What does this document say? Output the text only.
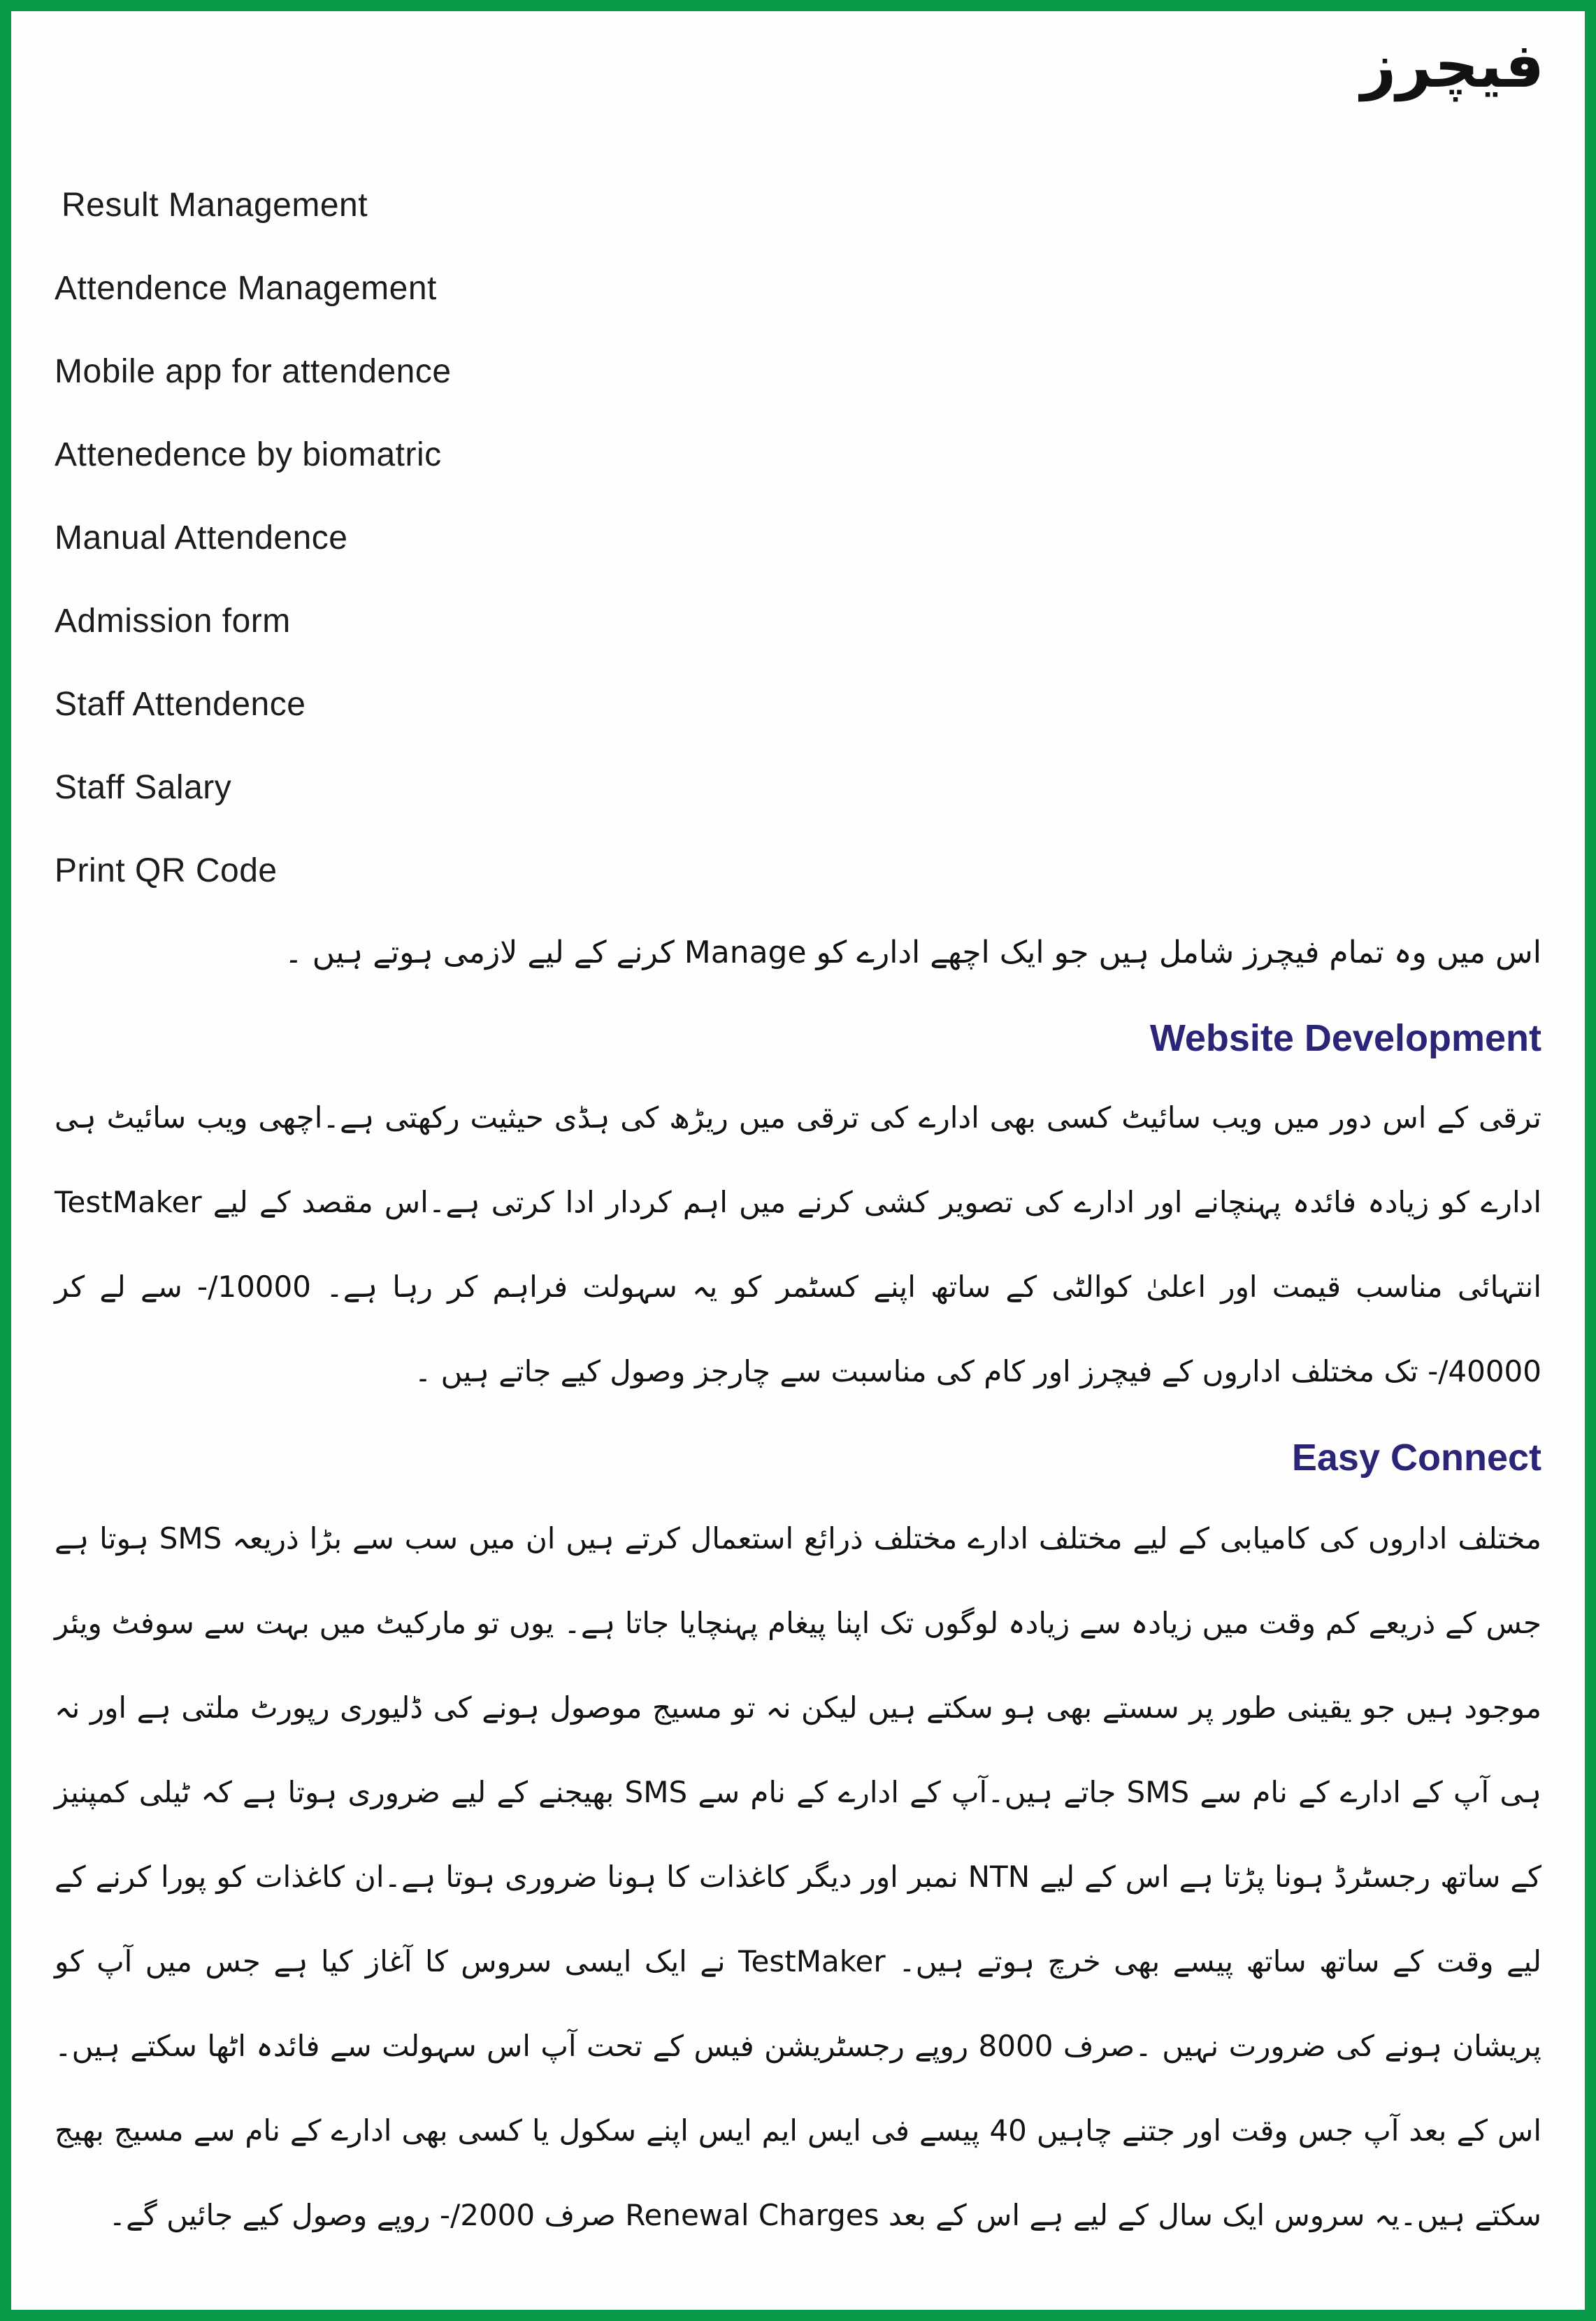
فیچرز
Result Management
Attendence Management
Mobile app for attendence
Attenedence by biomatric
Manual Attendence
Admission form
Staff Attendence
Staff Salary
Print QR Code
اس میں وہ تمام فیچرز شامل ہیں جو ایک اچھے ادارے کو Manage کرنے کے لیے لازمی ہوتے ہیں ۔
Website Development
ترقی کے اس دور میں ویب سائیٹ کسی بھی ادارے کی ترقی میں ریڑھ کی ہڈی حیثیت رکھتی ہے۔اچھی ویب سائیٹ ہی ادارے کو زیادہ فائدہ پہنچانے اور ادارے کی تصویر کشی کرنے میں اہم کردار ادا کرتی ہے۔اس مقصد کے لیے TestMaker انتہائی مناسب قیمت اور اعلیٰ کوالٹی کے ساتھ اپنے کسٹمر کو یہ سہولت فراہم کر رہا ہے۔ 10000/- سے لے کر 40000/- تک مختلف اداروں کے فیچرز اور کام کی مناسبت سے چارجز وصول کیے جاتے ہیں ۔
Easy Connect
مختلف اداروں کی کامیابی کے لیے مختلف ادارے مختلف ذرائع استعمال کرتے ہیں ان میں سب سے بڑا ذریعہ SMS ہوتا ہے جس کے ذریعے کم وقت میں زیادہ سے زیادہ لوگوں تک اپنا پیغام پہنچایا جاتا ہے۔ یوں تو مارکیٹ میں بہت سے سوفٹ ویئر موجود ہیں جو یقینی طور پر سستے بھی ہو سکتے ہیں لیکن نہ تو مسیج موصول ہونے کی ڈلیوری رپورٹ ملتی ہے اور نہ ہی آپ کے ادارے کے نام سے SMS جاتے ہیں۔آپ کے ادارے کے نام سے SMS بھیجنے کے لیے ضروری ہوتا ہے کہ ٹیلی کمپنیز کے ساتھ رجسٹرڈ ہونا پڑتا ہے اس کے لیے NTN نمبر اور دیگر کاغذات کا ہونا ضروری ہوتا ہے۔ان کاغذات کو پورا کرنے کے لیے وقت کے ساتھ ساتھ پیسے بھی خرچ ہوتے ہیں۔ TestMaker نے ایک ایسی سروس کا آغاز کیا ہے جس میں آپ کو پریشان ہونے کی ضرورت نہیں ۔صرف 8000 روپے رجسٹریشن فیس کے تحت آپ اس سہولت سے فائدہ اٹھا سکتے ہیں۔اس کے بعد آپ جس وقت اور جتنے چاہیں 40 پیسے فی ایس ایم ایس اپنے سکول یا کسی بھی ادارے کے نام سے مسیج بھیج سکتے ہیں۔یہ سروس ایک سال کے لیے ہے اس کے بعد Renewal Charges صرف 2000/- روپے وصول کیے جائیں گے۔
